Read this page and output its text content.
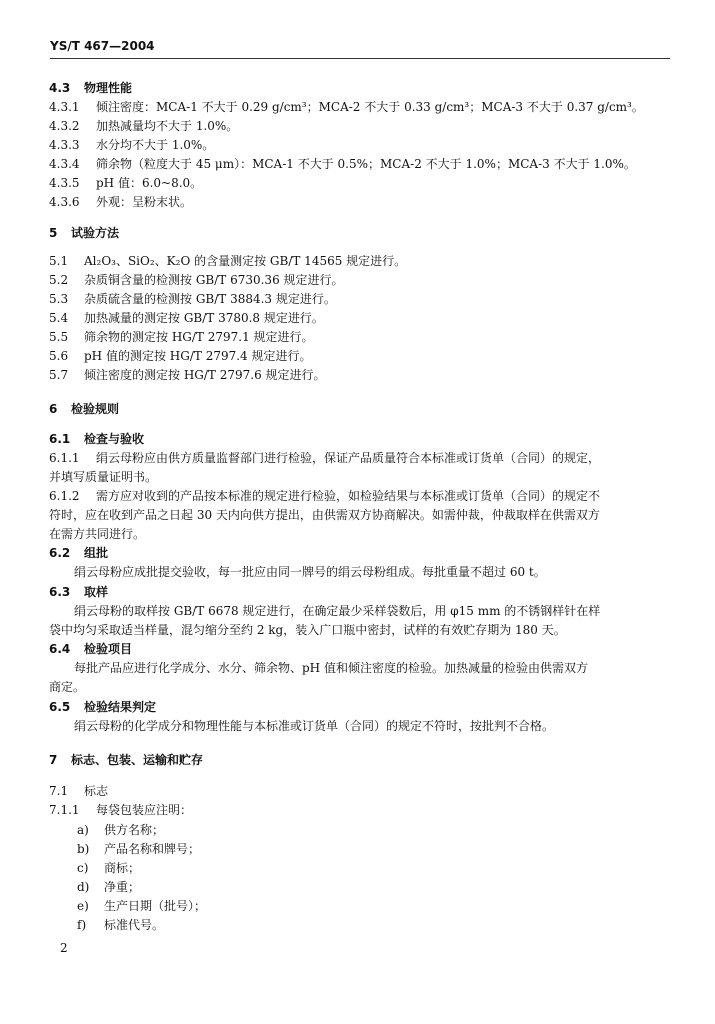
YS/T 467—2004
4.3 物理性能
4.3.1 倾注密度：MCA-1 不大于 0.29 g/cm³；MCA-2 不大于 0.33 g/cm³；MCA-3 不大于 0.37 g/cm³。
4.3.2 加热减量均不大于 1.0%。
4.3.3 水分均不大于 1.0%。
4.3.4 筛余物（粒度大于 45 μm）：MCA-1 不大于 0.5%；MCA-2 不大于 1.0%；MCA-3 不大于 1.0%。
4.3.5 pH 值：6.0~8.0。
4.3.6 外观：呈粉末状。
5 试验方法
5.1 Al₂O₃、SiO₂、K₂O 的含量测定按 GB/T 14565 规定进行。
5.2 杂质铜含量的检测按 GB/T 6730.36 规定进行。
5.3 杂质硫含量的检测按 GB/T 3884.3 规定进行。
5.4 加热减量的测定按 GB/T 3780.8 规定进行。
5.5 筛余物的测定按 HG/T 2797.1 规定进行。
5.6 pH 值的测定按 HG/T 2797.4 规定进行。
5.7 倾注密度的测定按 HG/T 2797.6 规定进行。
6 检验规则
6.1 检查与验收
6.1.1 绢云母粉应由供方质量监督部门进行检验，保证产品质量符合本标准或订货单（合同）的规定，
并填写质量证明书。
6.1.2 需方应对收到的产品按本标准的规定进行检验，如检验结果与本标准或订货单（合同）的规定不
符时，应在收到产品之日起 30 天内向供方提出，由供需双方协商解决。如需仲裁，仲裁取样在供需双方
在需方共同进行。
6.2 组批
绢云母粉应成批提交验收，每一批应由同一牌号的绢云母粉组成。每批重量不超过 60 t。
6.3 取样
绢云母粉的取样按 GB/T 6678 规定进行，在确定最少采样袋数后，用 φ15 mm 的不锈钢样针在样
袋中均匀采取适当样量，混匀缩分至约 2 kg，装入广口瓶中密封，试样的有效贮存期为 180 天。
6.4 检验项目
每批产品应进行化学成分、水分、筛余物、pH 值和倾注密度的检验。加热减量的检验由供需双方
商定。
6.5 检验结果判定
绢云母粉的化学成分和物理性能与本标准或订货单（合同）的规定不符时，按批判不合格。
7 标志、包装、运输和贮存
7.1 标志
7.1.1 每袋包装应注明：
a) 供方名称；
b) 产品名称和牌号；
c) 商标；
d) 净重；
e) 生产日期（批号）；
f) 标准代号。
2
